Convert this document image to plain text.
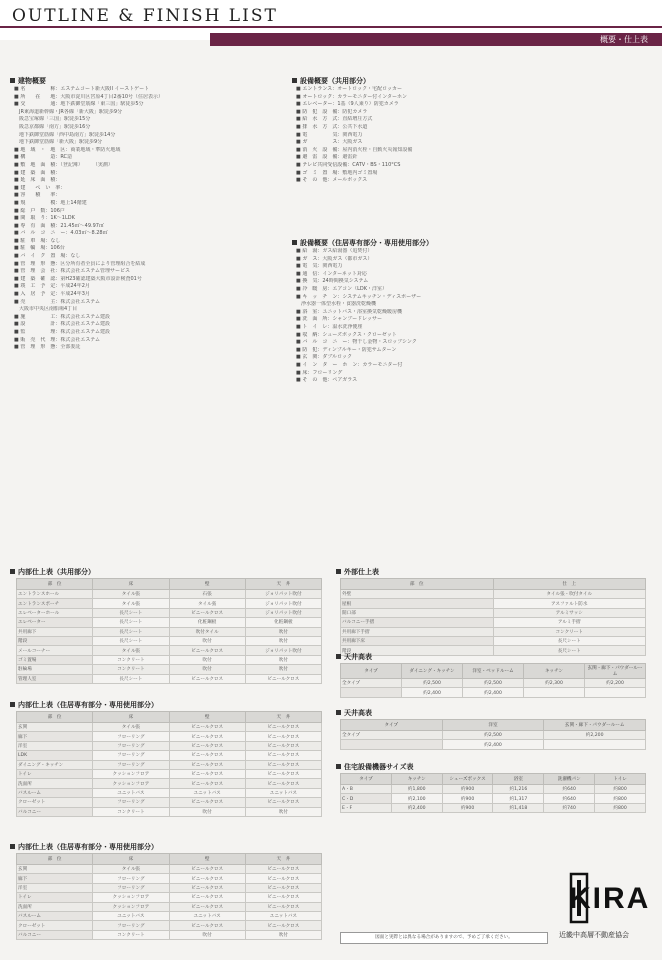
OUTLINE & FINISH LIST
概要・仕上表
建物概要
■ 名　　　　　称 ：エステムコート新大阪II イーストゲート
■ 所　　在　　地 ：大阪市淀川区宮原4丁目2番10号（住居表示）
■ 交　　　　　通 ：地下鉄御堂筋線「東三国」駅徒歩5分
　JR東海道新幹線・JR各線「新大阪」駅徒歩9分
　阪急宝塚線「三国」駅徒歩15分
　阪急京都線「南方」駅徒歩16分
　地下鉄御堂筋線「西中島南方」駅徒歩14分
　地下鉄御堂筋線「新大阪」駅徒歩9分
■ 地　域　・　地　区 ：商業地域・準防火地域
■ 構　　　　　造 ：RC造
■ 敷　地　面　積 ：（登記簿）　　　（実測）
■ 建　築　面　積 ：
■ 延　床　面　積 ：
■ 建　　ぺ　い　率 ：
■ 容　　積　　率 ：
■ 規　　　　　模 ：地上14階建
■ 総　戸　数 ：106戸
■ 間　取　り ：1K〜1LDK
■ 専　有　面　積 ：21.45㎡〜49.97㎡
■ バ　ル　コ　ニ　ー ：4.03㎡〜8.28㎡
■ 駐　車　場 ：なし
■ 駐　輪　場 ：106台
■ バ　イ　ク　置　場 ：なし
■ 管　理　形　態 ：区分所有者全員により管理組合を結成
■ 管　理　会　社 ：株式会社エステム管理サービス
■ 建　築　確　認 ：第H23確認建築大阪市設計検査01号
■ 竣　工　予　定 ：平成24年2月
■ 入　居　予　定 ：平成24年3月
■ 売　　　　　主 ：株式会社エステム
　大阪市中央区南船場4丁目
■ 施　　　　　工 ：株式会社エステム建設
■ 設　　　　　計 ：株式会社エステム建設
■ 監　　　　　理 ：株式会社エステム建設
■ 販　売　代　理 ：株式会社エステム
■ 管　理　形　態 ：全部委託
設備概要（共用部分）
■ エントランス ：オートロック・宅配ロッカー
■ オートロック ：カラーモニター付インターホン
■ エレベーター ：1基（9人乗り）防犯カメラ
■ 防　犯　設　備 ：防犯カメラ
■ 給　水　方　式 ：直結増圧方式
■ 排　水　方　式 ：公共下水道
■ 電　　　　　気 ：関西電力
■ ガ　　　　　ス ：大阪ガス
■ 消　火　設　備 ：屋内消火栓・自動火災報知設備
■ 避　雷　設　備 ：避雷針
■ テレビ共同受信設備 ：CATV・BS・110°CS
■ ゴ　ミ　置　場 ：敷地内ゴミ置場
■ そ　の　他 ：メールボックス
設備概要（住居専有部分・専用使用部分）
■ 給　湯 ：ガス給湯器（追焚付）
■ ガ　ス ：大阪ガス（都市ガス）
■ 電　気 ：関西電力
■ 通　信 ：インターネット対応
■ 換　気 ：24時間換気システム
■ 冷　暖　房 ：エアコン（LDK・洋室）
■ キ　ッ　チ　ン ：システムキッチン・ディスポーザー
　浄水器一体型水栓・食器洗乾燥機
■ 浴　室 ：ユニットバス・浴室換気乾燥暖房機
■ 洗　面　所 ：シャンプードレッサー
■ ト　イ　レ ：温水洗浄便座
■ 収　納 ：シューズボックス・クローゼット
■ バ　ル　コ　ニ　ー ：物干し金物・スロップシンク
■ 防　犯 ：ディンプルキー・防犯サムターン
■ 玄　関 ：ダブルロック
■ イ　ン　タ　ー　ホ　ン ：カラーモニター付
■ 床 ：フローリング
■ そ　の　他 ：ペアガラス
内部仕上表（共用部分）
部　位	床	壁	天　井
エントランスホール	タイル張	石張	ジョリパット吹付
エントランスポーチ	タイル張	タイル張	ジョリパット吹付
エレベーターホール	長尺シート	ビニールクロス	ジョリパット吹付
エレベーター	長尺シート	化粧鋼板	化粧鋼板
共用廊下	長尺シート	吹付タイル	吹付
階段	長尺シート	吹付	吹付
メールコーナー	タイル張	ビニールクロス	ジョリパット吹付
ゴミ置場	コンクリート	吹付	吹付
駐輪場	コンクリート	吹付	吹付
管理人室	長尺シート	ビニールクロス	ビニールクロス
内部仕上表（住居専有部分・専用使用部分）
部　位	床	壁	天　井
玄関	タイル張	ビニールクロス	ビニールクロス
廊下	フローリング	ビニールクロス	ビニールクロス
洋室	フローリング	ビニールクロス	ビニールクロス
LDK	フローリング	ビニールクロス	ビニールクロス
ダイニング・キッチン	フローリング	ビニールクロス	ビニールクロス
トイレ	クッションフロア	ビニールクロス	ビニールクロス
洗面所	クッションフロア	ビニールクロス	ビニールクロス
バスルーム	ユニットバス	ユニットバス	ユニットバス
クローゼット	フローリング	ビニールクロス	ビニールクロス
バルコニー	コンクリート	吹付	吹付
内部仕上表（住居専有部分・専用使用部分）
部　位	床	壁	天　井
玄関	タイル張	ビニールクロス	ビニールクロス
廊下	フローリング	ビニールクロス	ビニールクロス
洋室	フローリング	ビニールクロス	ビニールクロス
トイレ	クッションフロア	ビニールクロス	ビニールクロス
洗面所	クッションフロア	ビニールクロス	ビニールクロス
バスルーム	ユニットバス	ユニットバス	ユニットバス
クローゼット	フローリング	ビニールクロス	ビニールクロス
バルコニー	コンクリート	吹付	吹付
外部仕上表
部　位	仕　上
外壁	タイル張・吹付タイル
屋根	アスファルト防水
開口部	アルミサッシ
バルコニー手摺	アルミ手摺
共用廊下手摺	コンクリート
共用廊下床	長尺シート
階段	長尺シート
天井高表
タイプ	ダイニング・キッチン	洋室・ベッドルーム	キッチン	玄関・廊下・パウダールーム
全タイプ	約2,500	約2,500	約2,300	約2,200
	約2,400	約2,400		
天井高表
タイプ	洋室	玄関・廊下・パウダールーム
全タイプ	約2,500	約2,200
	約2,400	
住宅設備機器サイズ表
タイプ	キッチン	シューズボックス	浴室	洗濯機パン	トイレ
A・B	約1,800	約900	約1,216	約640	約800
C・D	約2,100	約900	約1,317	約640	約800
E・F	約2,400	約900	約1,418	約740	約800
図面と実際とは異なる場合がありますので、予めご了承ください。
KIRA
近畿中高層不動産協会
